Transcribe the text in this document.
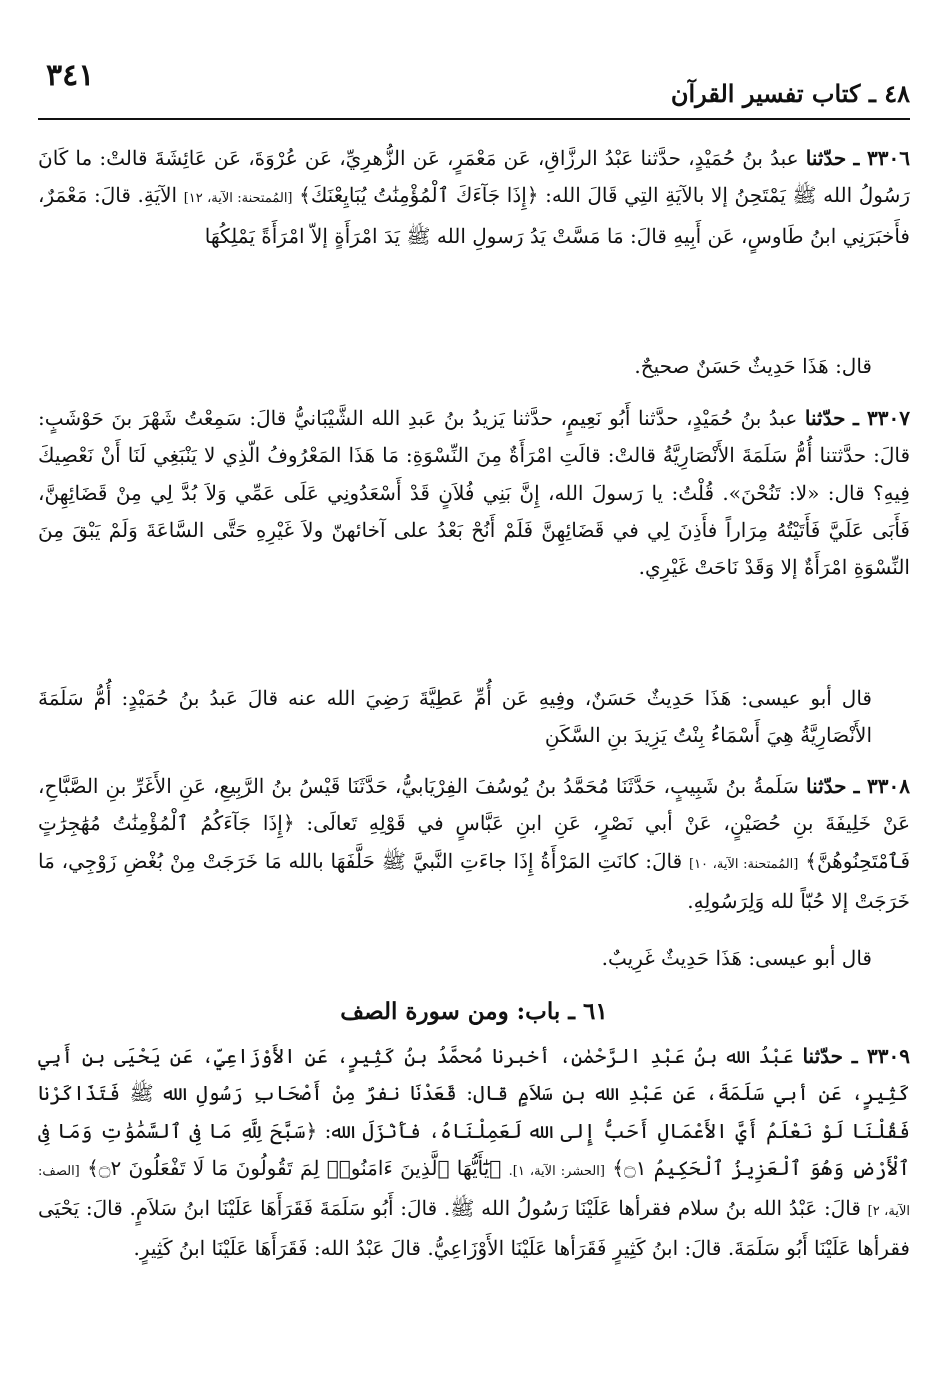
٤٨ ـ كتاب تفسير القرآن
٣٤١

٣٣٠٦ ـ حدّثنا عبدُ بنُ حُمَيْدٍ، حدَّثنا عَبْدُ الرزَّاقِ، عَن مَعْمَرٍ، عَن الزُّهرِيِّ، عَن عُرْوَةَ، عَن عَائِشَةَ قالتْ: ما كَانَ رَسُولُ الله ﷺ يَمْتَحِنُ إلا بالآيَةِ التِي قَالَ الله: ﴿إِذَا جَآءَكَ ٱلْمُؤْمِنَٰتُ يُبَايِعْنَكَ﴾ [المُمتحنة: الآية، ١٢] الآيَةِ. قالَ: مَعْمَرٌ، فأَخبَرَنِي ابنُ طَاوسٍ، عَن أَبِيهِ قالَ: مَا مَسَّتْ يَدُ رَسولِ الله ﷺ يَدَ امْرَأَةٍ إلاّ امْرَأَةً يَمْلِكُهَا

قال: هَذَا حَدِيثٌ حَسَنٌ صحيحٌ.

٣٣٠٧ ـ حدّثنا عبدُ بنُ حُمَيْدٍ، حدَّثنا أَبُو نَعِيمٍ، حدَّثنا يَزيدُ بنُ عَبدِ الله الشَّيْبَانيُّ قالَ: سَمِعْتُ شَهْرَ بنَ حَوْشَبٍ: قالَ: حدَّثتنا أُمُّ سَلَمَةَ الأَنْصَارِيَّةُ قالتْ: قالَتِ امْرَأَةٌ مِنَ النِّسْوَةِ: مَا هَذَا المَعْرُوفُ الّذِي لا يَنْبَغِي لَنَا أَنْ نَعْصِيكَ فِيهِ؟ قال: «لا: تَنُحْنَ». قُلْتُ: يا رَسولَ الله، إِنَّ بَنِي فُلاَنٍ قَدْ أَسْعَدُونِي عَلَى عَمِّي وَلاَ بُدَّ لِي مِنْ قَضَائِهِنَّ، فَأَبَى عَلَيَّ فَأَتَيْتُهُ مِرَاراً فأَذِنَ لِي في قَضَائِهِنَّ فَلَمْ أَنُحْ بَعْدُ على آخائهنّ ولاَ غَيْرِهِ حَتَّى السَّاعَةَ وَلَمْ يَبْقَ مِنَ النِّسْوَةِ امْرَأَةٌ إلا وَقَدْ نَاحَتْ غَيْرِي.

قال أبو عيسى: هَذَا حَدِيثٌ حَسَنٌ، وفِيهِ عَن أُمِّ عَطِيَّةَ رَضِيَ الله عنه قالَ عَبدُ بنُ حُمَيْدٍ: أُمُّ سَلَمَةَ الأَنْصَارِيَّةُ هِيَ أَسْمَاءُ بِنْتُ يَزِيدَ بنِ السَّكَنِ

٣٣٠٨ ـ حدّثنا سَلَمةُ بنُ شَبِيبٍ، حَدَّثَنَا مُحَمَّدُ بنُ يُوسُفَ الفِرْيَابيُّ، حَدَّثَنَا قَيْسُ بنُ الرَّبِيعِ، عَنِ الأَغَرِّ بنِ الصَّبَّاحِ، عَنْ خَلِيفَةَ بنِ حُصَيْنٍ، عَنْ أبي نَصْرٍ، عَنِ ابنِ عَبَّاسٍ في قَوْلِهِ تَعالَى: ﴿إِذَا جَآءَكُمُ ٱلْمُؤْمِنَٰتُ مُهَٰجِرَٰتٍ فَٱمْتَحِنُوهُنَّ﴾ [المُمتحنة: الآية، ١٠] قالَ: كانَتِ المَرْأَةُ إِذَا جاءَتِ النَّبيَّ ﷺ حَلَّفَهَا بالله مَا خَرَجَتْ مِنْ بُغْضِ زَوْجِي، مَا خَرَجَتْ إلا حُبّاً لله وَلِرَسُولِهِ.

قال أبو عيسى: هَذَا حَدِيثٌ غَرِيبٌ.

٦١ ـ باب: ومن سورة الصف

٣٣٠٩ ـ حدّثنا عَبْدُ الله بنُ عَبْدِ الرَّحْمٰنِ، أخبرنا مُحمَّدُ بنُ كَثِيرٍ، عَنِ الأَوْزَاعِيِّ، عَن يَحْيَى بنِ أَبِي كَثِيرٍ، عَن أبي سَلَمَةَ، عَن عَبْدِ الله بنِ سَلاَمٍ قال: قَعَدْنَا نفرٌ مِنْ أَصْحَابِ رَسُولِ الله ﷺ فَتَذَاكَرْنا فَقُلْنَا لَوْ نَعْلَمُ أَيَّ الأَعْمَالِ أَحَبُّ إِلى الله لَعَمِلْنَاهُ، فأَنْزَلَ الله: ﴿سَبَّحَ لِلَّهِ مَا فِى ٱلسَّمَٰوَٰتِ وَمَا فِى ٱلْأَرْضِ وَهُوَ ٱلْعَزِيزُ ٱلْحَكِيمُ ۝١﴾ [الحشر: الآية، ١]. ﴿يَٰٓأَيُّهَا ٱلَّذِينَ ءَامَنُوا۟ لِمَ تَقُولُونَ مَا لَا تَفْعَلُونَ ۝٢﴾ [الصف: الآية، ٢] قالَ: عَبْدُ الله بنُ سلام فقرأها عَلَيْنَا رَسُولُ الله ﷺ. قالَ: أَبُو سَلَمَةَ فَقَرَأَهَا عَلَيْنَا ابنُ سَلاَمٍ. قالَ: يَحْيَى فقرأها عَلَيْنَا أَبُو سَلَمَةَ. قالَ: ابنُ كَثِيرٍ فَقَرَأها عَلَيْنَا الأَوْزَاعِيُّ. قالَ عَبْدُ الله: فَقَرَأَهَا عَلَيْنَا ابنُ كَثِيرٍ.
